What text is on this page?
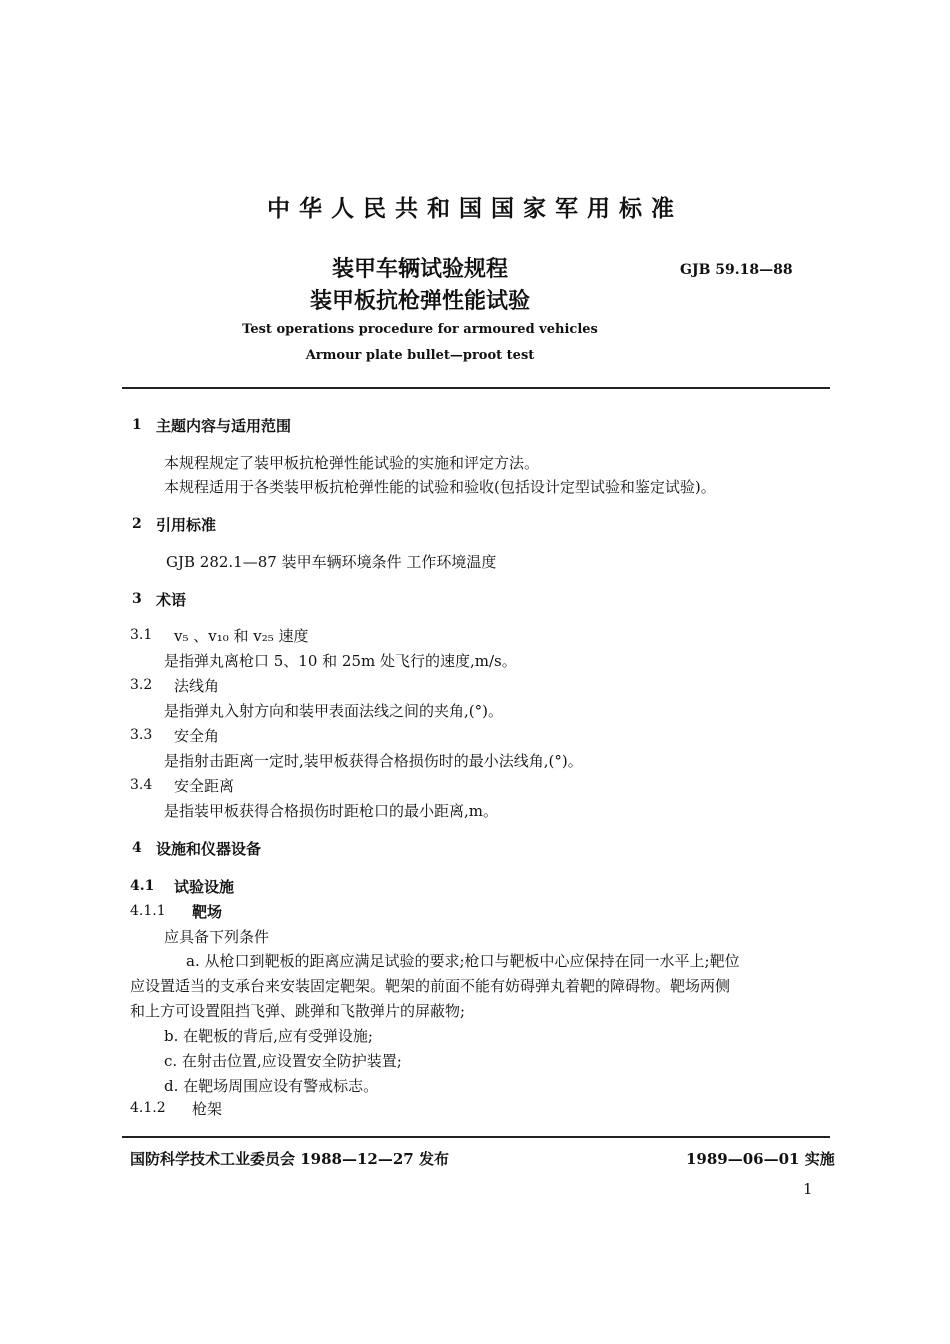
中华人民共和国国家军用标准
装甲车辆试验规程
装甲板抗枪弹性能试验
GJB 59.18—88
Test operations procedure for armoured vehicles
Armour plate bullet—proot test
1 主题内容与适用范围
本规程规定了装甲板抗枪弹性能试验的实施和评定方法。
本规程适用于各类装甲板抗枪弹性能的试验和验收(包括设计定型试验和鉴定试验)。
2 引用标准
GJB 282.1—87 装甲车辆环境条件 工作环境温度
3 术语
3.1 v₅ 、v₁₀ 和 v₂₅ 速度
是指弹丸离枪口 5、10 和 25m 处飞行的速度,m/s。
3.2 法线角
是指弹丸入射方向和装甲表面法线之间的夹角,(°)。
3.3 安全角
是指射击距离一定时,装甲板获得合格损伤时的最小法线角,(°)。
3.4 安全距离
是指装甲板获得合格损伤时距枪口的最小距离,m。
4 设施和仪器设备
4.1 试验设施
4.1.1 靶场
应具备下列条件
a. 从枪口到靶板的距离应满足试验的要求;枪口与靶板中心应保持在同一水平上;靶位
应设置适当的支承台来安装固定靶架。靶架的前面不能有妨碍弹丸着靶的障碍物。靶场两侧
和上方可设置阻挡飞弹、跳弹和飞散弹片的屏蔽物;
b. 在靶板的背后,应有受弹设施;
c. 在射击位置,应设置安全防护装置;
d. 在靶场周围应设有警戒标志。
4.1.2 枪架
国防科学技术工业委员会 1988—12—27 发布	1989—06—01 实施
1
